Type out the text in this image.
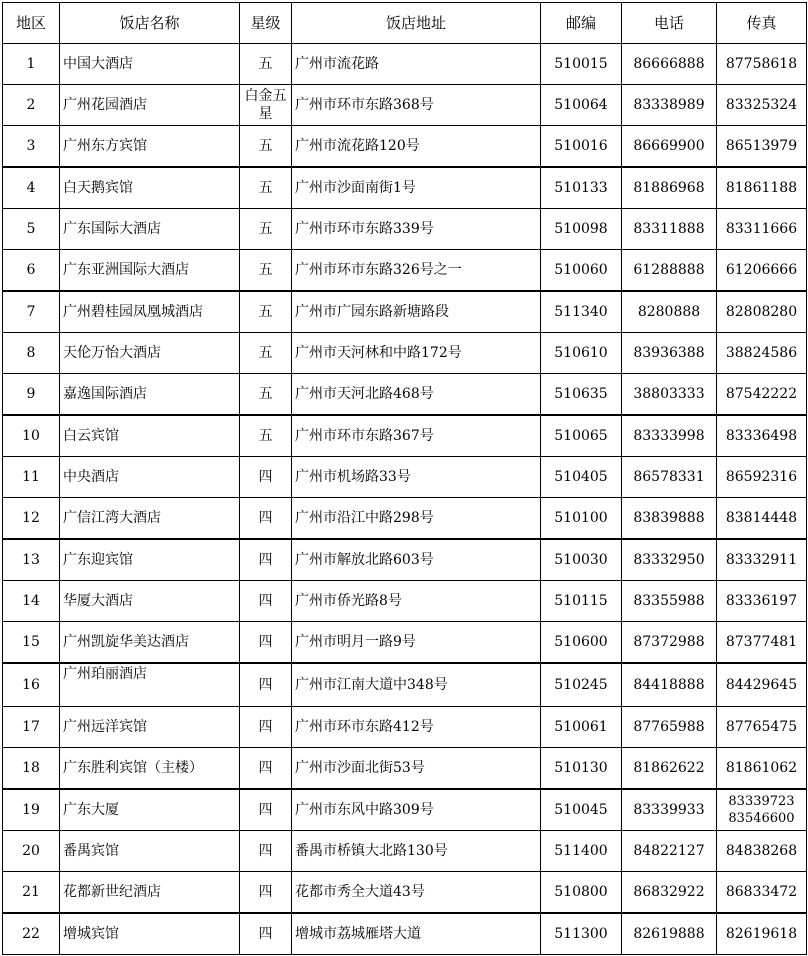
地区	饭店名称	星级	饭店地址	邮编	电话	传真
1	中国大酒店	五	广州市流花路	510015	86666888	87758618
2	广州花园酒店	白金五星	广州市环市东路368号	510064	83338989	83325324
3	广州东方宾馆	五	广州市流花路120号	510016	86669900	86513979
4	白天鹅宾馆	五	广州市沙面南街1号	510133	81886968	81861188
5	广东国际大酒店	五	广州市环市东路339号	510098	83311888	83311666
6	广东亚洲国际大酒店	五	广州市环市东路326号之一	510060	61288888	61206666
7	广州碧桂园凤凰城酒店	五	广州市广园东路新塘路段	511340	8280888	82808280
8	天伦万怡大酒店	五	广州市天河林和中路172号	510610	83936388	38824586
9	嘉逸国际酒店	五	广州市天河北路468号	510635	38803333	87542222
10	白云宾馆	五	广州市环市东路367号	510065	83333998	83336498
11	中央酒店	四	广州市机场路33号	510405	86578331	86592316
12	广信江湾大酒店	四	广州市沿江中路298号	510100	83839888	83814448
13	广东迎宾馆	四	广州市解放北路603号	510030	83332950	83332911
14	华厦大酒店	四	广州市侨光路8号	510115	83355988	83336197
15	广州凯旋华美达酒店	四	广州市明月一路9号	510600	87372988	87377481
16	广州珀丽酒店	四	广州市江南大道中348号	510245	84418888	84429645
17	广州远洋宾馆	四	广州市环市东路412号	510061	87765988	87765475
18	广东胜利宾馆（主楼）	四	广州市沙面北街53号	510130	81862622	81861062
19	广东大厦	四	广州市东风中路309号	510045	83339933	83339723 83546600
20	番禺宾馆	四	番禺市桥镇大北路130号	511400	84822127	84838268
21	花都新世纪酒店	四	花都市秀全大道43号	510800	86832922	86833472
22	增城宾馆	四	增城市荔城雁塔大道	511300	82619888	82619618
